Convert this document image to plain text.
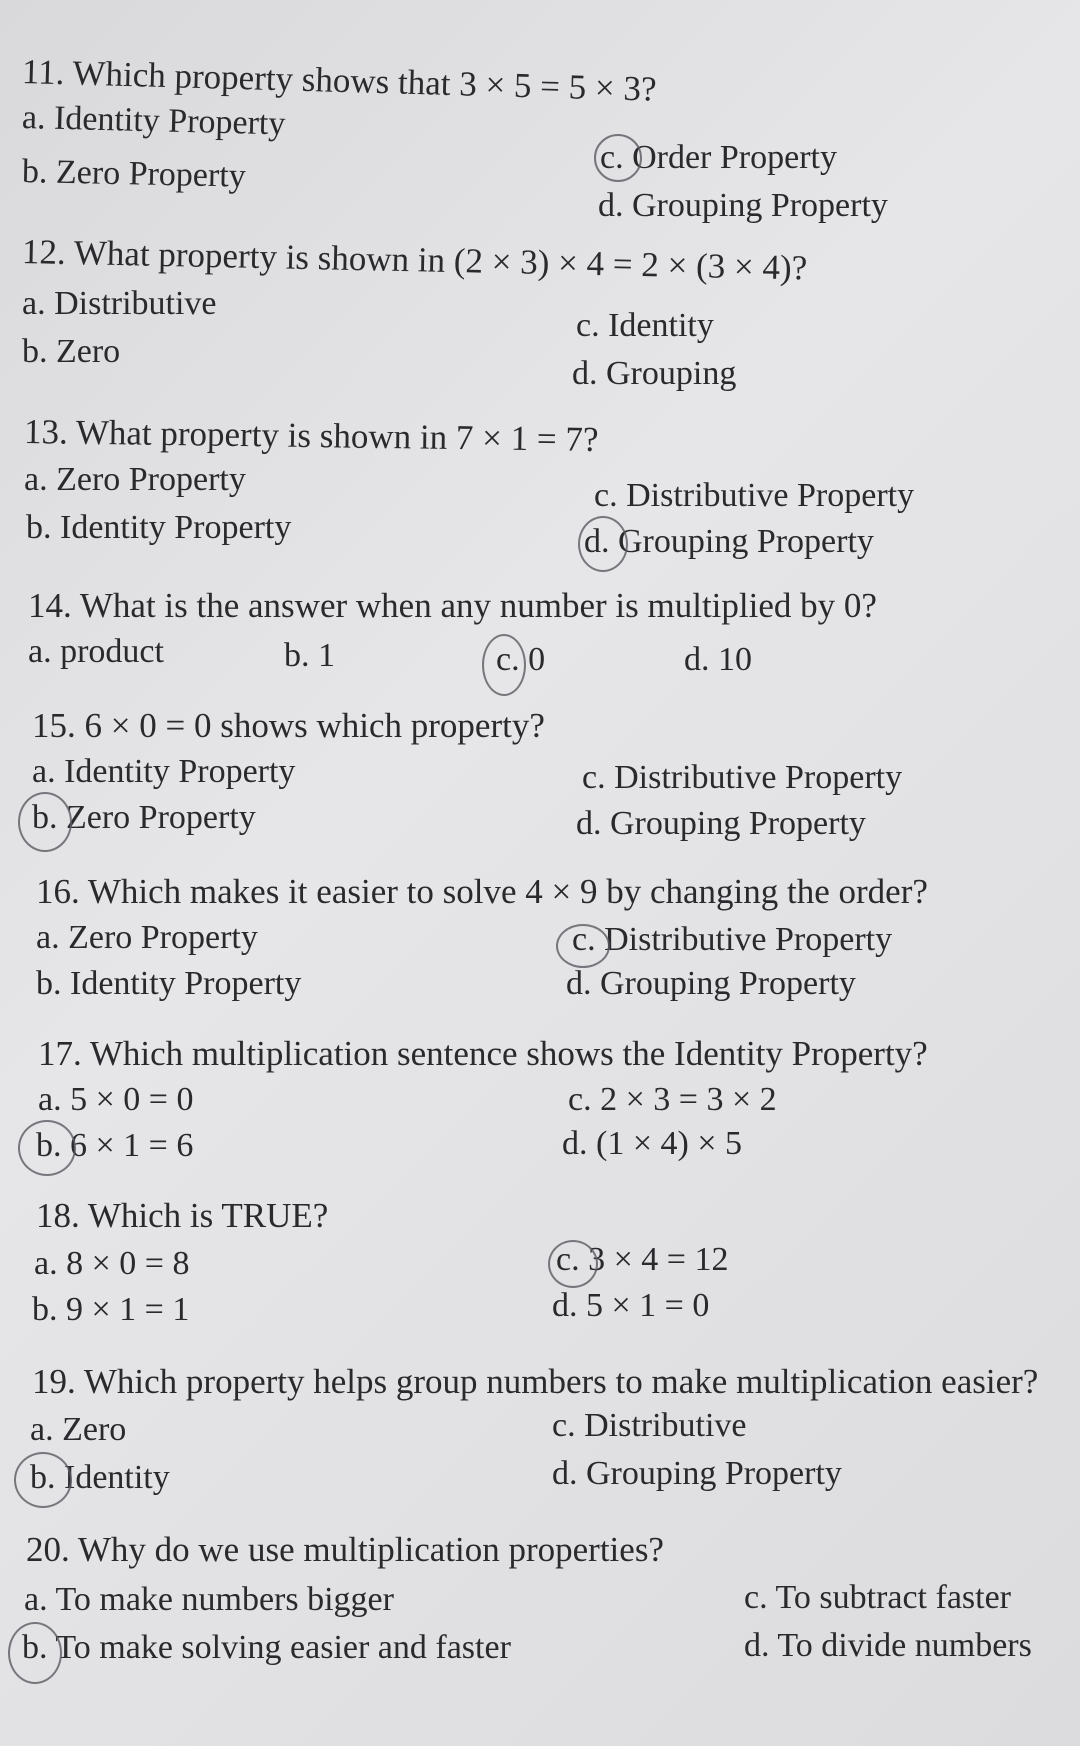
11. Which property shows that 3 × 5 = 5 × 3?
a. Identity Property
b. Zero Property	c. Order Property
d. Grouping Property
12. What property is shown in (2 × 3) × 4 = 2 × (3 × 4)?
a. Distributive
b. Zero
c. Identity
d. Grouping
13. What property is shown in 7 × 1 = 7?
a. Zero Property
b. Identity Property
c. Distributive Property
d. Grouping Property
14. What is the answer when any number is multiplied by 0?
a. product	b. 1	c. 0	d. 10
15. 6 × 0 = 0 shows which property?
a. Identity Property
b. Zero Property
c. Distributive Property
d. Grouping Property
16. Which makes it easier to solve 4 × 9 by changing the order?
a. Zero Property
b. Identity Property
c. Distributive Property
d. Grouping Property
17. Which multiplication sentence shows the Identity Property?
a. 5 × 0 = 0
b. 6 × 1 = 6
c. 2 × 3 = 3 × 2
d. (1 × 4) × 5
18. Which is TRUE?
a. 8 × 0 = 8
b. 9 × 1 = 1
c. 3 × 4 = 12
d. 5 × 1 = 0
19. Which property helps group numbers to make multiplication easier?
a. Zero
b. Identity
c. Distributive
d. Grouping Property
20. Why do we use multiplication properties?
a. To make numbers bigger
b. To make solving easier and faster
c. To subtract faster
d. To divide numbers
